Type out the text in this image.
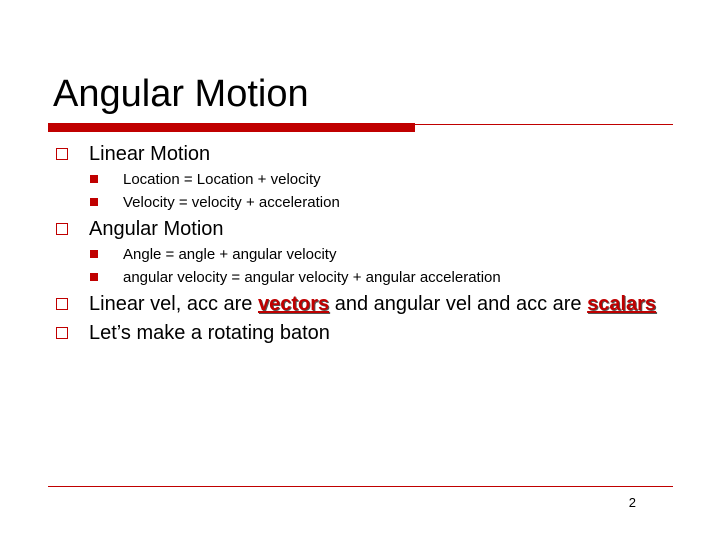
Angular Motion
Linear Motion
Location = Location + velocity
Velocity = velocity + acceleration
Angular Motion
Angle = angle + angular velocity
angular velocity = angular velocity + angular acceleration
Linear vel, acc are vectors and angular vel and acc are scalars
Let’s make a rotating baton
2
